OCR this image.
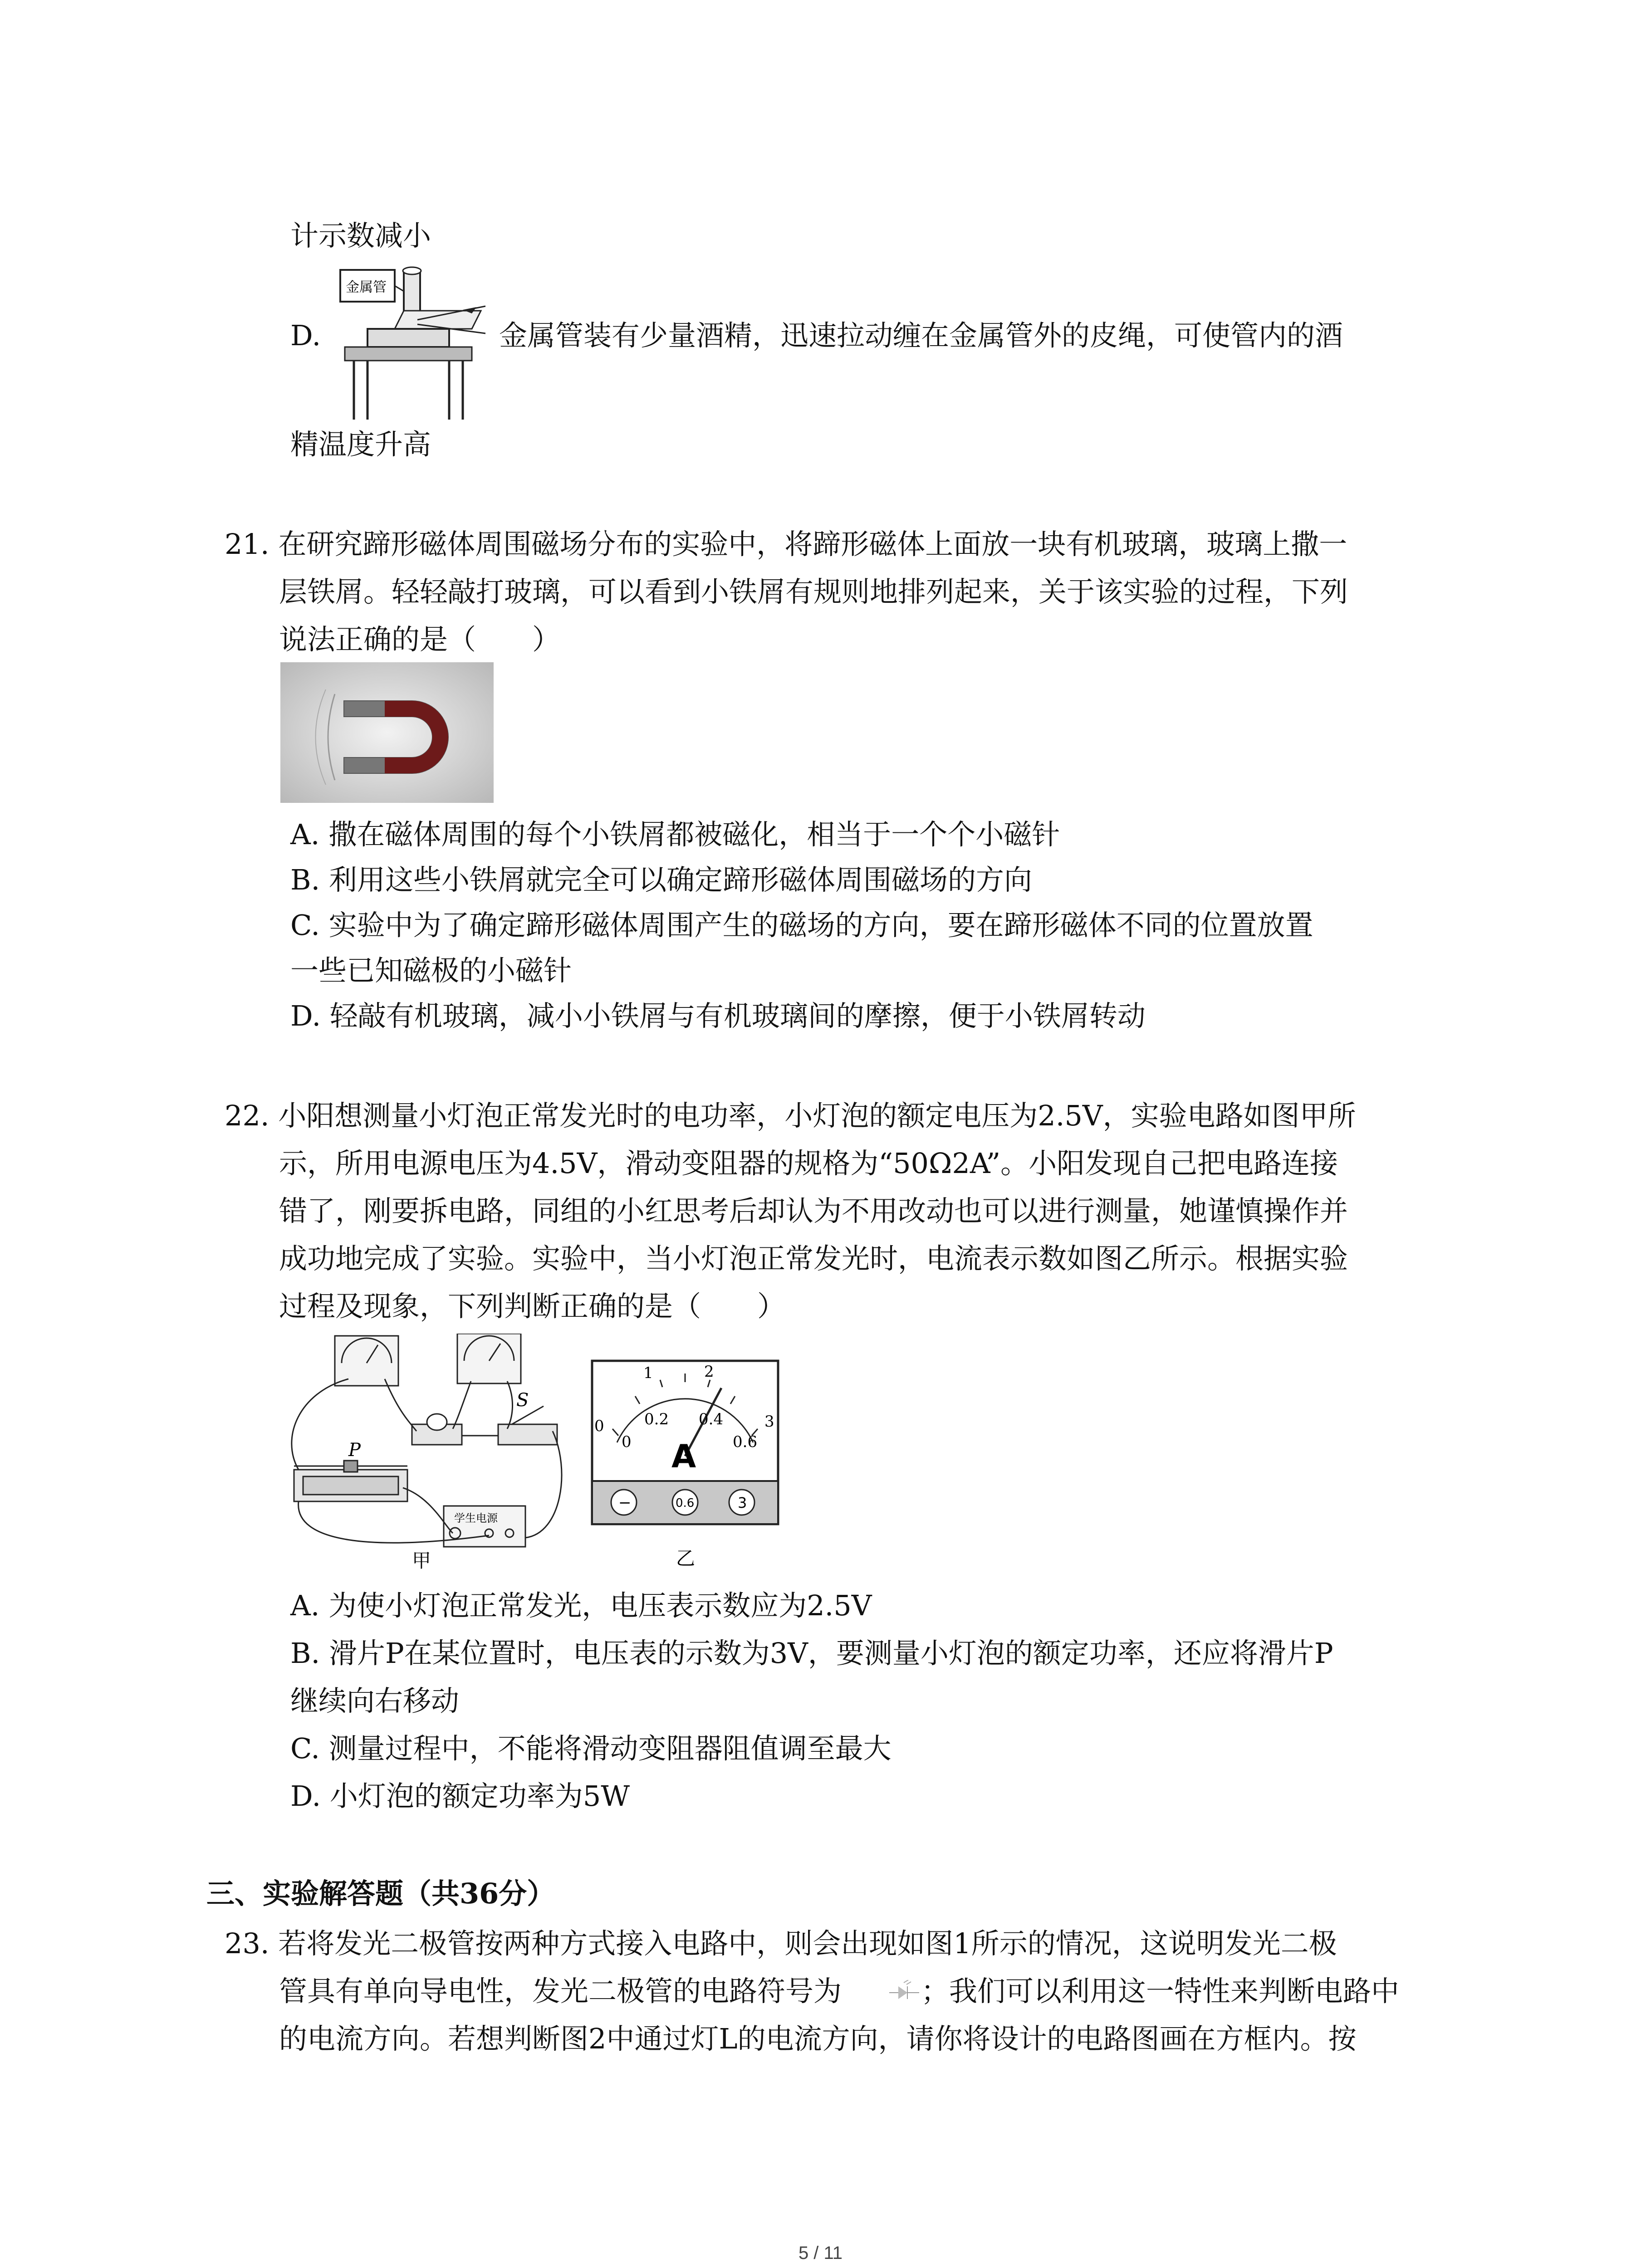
计示数减小
金属管
D.	金属管装有少量酒精，迅速拉动缠在金属管外的皮绳，可使管内的酒
精温度升高
21. 在研究蹄形磁体周围磁场分布的实验中，将蹄形磁体上面放一块有机玻璃，玻璃上撒一
层铁屑。轻轻敲打玻璃，可以看到小铁屑有规则地排列起来，关于该实验的过程，下列
说法正确的是（　　）
A. 撒在磁体周围的每个小铁屑都被磁化，相当于一个个小磁针
B. 利用这些小铁屑就完全可以确定蹄形磁体周围磁场的方向
C. 实验中为了确定蹄形磁体周围产生的磁场的方向，要在蹄形磁体不同的位置放置
一些已知磁极的小磁针
D. 轻敲有机玻璃，减小小铁屑与有机玻璃间的摩擦，便于小铁屑转动
22. 小阳想测量小灯泡正常发光时的电功率，小灯泡的额定电压为2.5V，实验电路如图甲所
示，所用电源电压为4.5V，滑动变阻器的规格为“50Ω2A”。小阳发现自己把电路连接
错了，刚要拆电路，同组的小红思考后却认为不用改动也可以进行测量，她谨慎操作并
成功地完成了实验。实验中，当小灯泡正常发光时，电流表示数如图乙所示。根据实验
过程及现象，下列判断正确的是（　　）
P
S
学生电源
甲
0
1	2
3
0
0.2 0.4
0.6
A
−	0.6	3
乙
A. 为使小灯泡正常发光，电压表示数应为2.5V
B. 滑片P在某位置时，电压表的示数为3V，要测量小灯泡的额定功率，还应将滑片P
继续向右移动
C. 测量过程中，不能将滑动变阻器阻值调至最大
D. 小灯泡的额定功率为5W
三、实验解答题（共36分）
23. 若将发光二极管按两种方式接入电路中，则会出现如图1所示的情况，这说明发光二极
管具有单向导电性，发光二极管的电路符号为	；我们可以利用这一特性来判断电路中
的电流方向。若想判断图2中通过灯L的电流方向，请你将设计的电路图画在方框内。按
5 / 11
